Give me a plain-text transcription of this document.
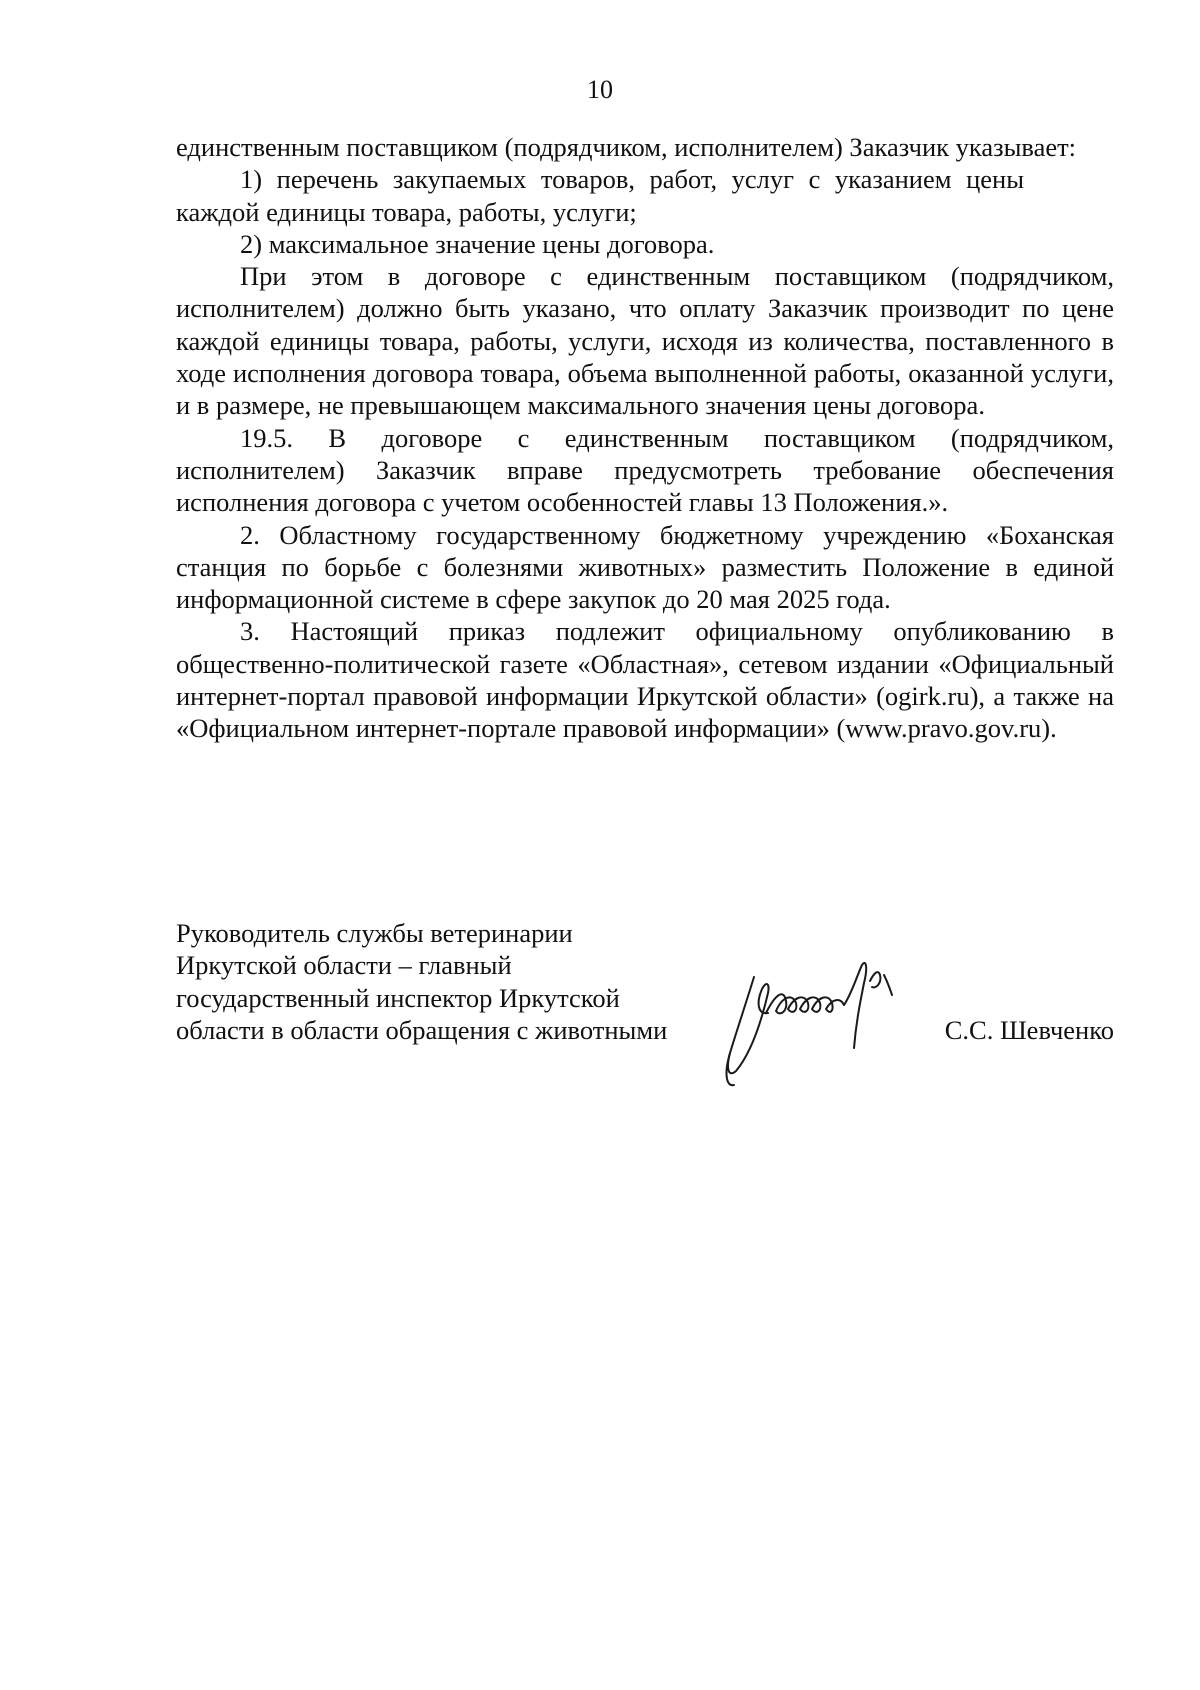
10

единственным поставщиком (подрядчиком, исполнителем) Заказчик указывает:

1) перечень закупаемых товаров, работ, услуг с указанием цены каждой единицы товара, работы, услуги;

2) максимальное значение цены договора.

При этом в договоре с единственным поставщиком (подрядчиком, исполнителем) должно быть указано, что оплату Заказчик производит по цене каждой единицы товара, работы, услуги, исходя из количества, поставленного в ходе исполнения договора товара, объема выполненной работы, оказанной услуги, и в размере, не превышающем максимального значения цены договора.

19.5. В договоре с единственным поставщиком (подрядчиком, исполнителем) Заказчик вправе предусмотреть требование обеспечения исполнения договора с учетом особенностей главы 13 Положения.».

2. Областному государственному бюджетному учреждению «Боханская станция по борьбе с болезнями животных» разместить Положение в единой информационной системе в сфере закупок до 20 мая 2025 года.

3. Настоящий приказ подлежит официальному опубликованию в общественно-политической газете «Областная», сетевом издании «Официальный интернет-портал правовой информации Иркутской области» (ogirk.ru), а также на «Официальном интернет-портале правовой информации» (www.pravo.gov.ru).

Руководитель службы ветеринарии
Иркутской области – главный
государственный инспектор Иркутской
области в области обращения с животными	С.С. Шевченко
